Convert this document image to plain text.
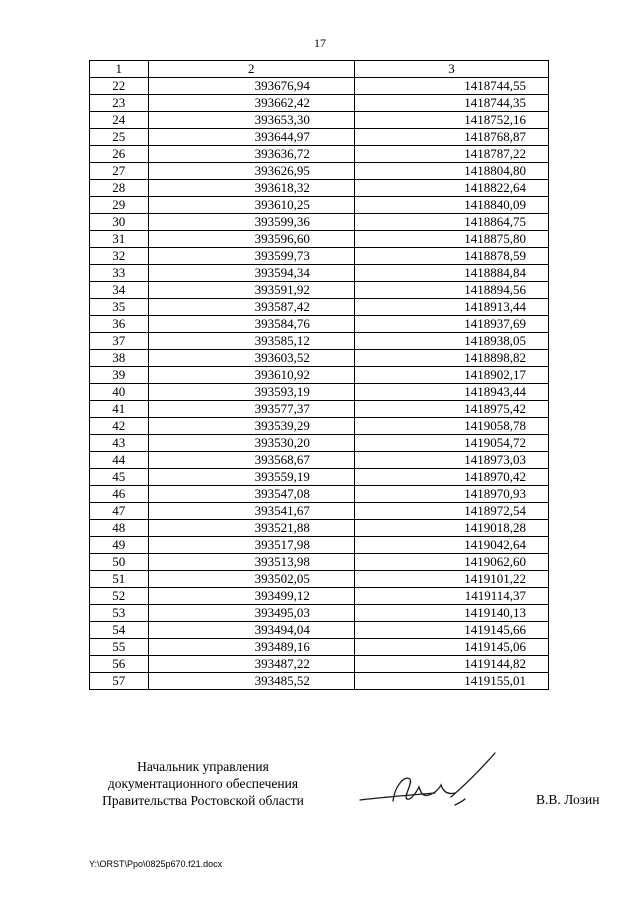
17
1	2	3
22	393676,94	1418744,55
23	393662,42	1418744,35
24	393653,30	1418752,16
25	393644,97	1418768,87
26	393636,72	1418787,22
27	393626,95	1418804,80
28	393618,32	1418822,64
29	393610,25	1418840,09
30	393599,36	1418864,75
31	393596,60	1418875,80
32	393599,73	1418878,59
33	393594,34	1418884,84
34	393591,92	1418894,56
35	393587,42	1418913,44
36	393584,76	1418937,69
37	393585,12	1418938,05
38	393603,52	1418898,82
39	393610,92	1418902,17
40	393593,19	1418943,44
41	393577,37	1418975,42
42	393539,29	1419058,78
43	393530,20	1419054,72
44	393568,67	1418973,03
45	393559,19	1418970,42
46	393547,08	1418970,93
47	393541,67	1418972,54
48	393521,88	1419018,28
49	393517,98	1419042,64
50	393513,98	1419062,60
51	393502,05	1419101,22
52	393499,12	1419114,37
53	393495,03	1419140,13
54	393494,04	1419145,66
55	393489,16	1419145,06
56	393487,22	1419144,82
57	393485,52	1419155,01
Начальник управления
документационного обеспечения
Правительства Ростовской области	В.В. Лозин
Y:\ORST\Ppo\0825p670.f21.docx
